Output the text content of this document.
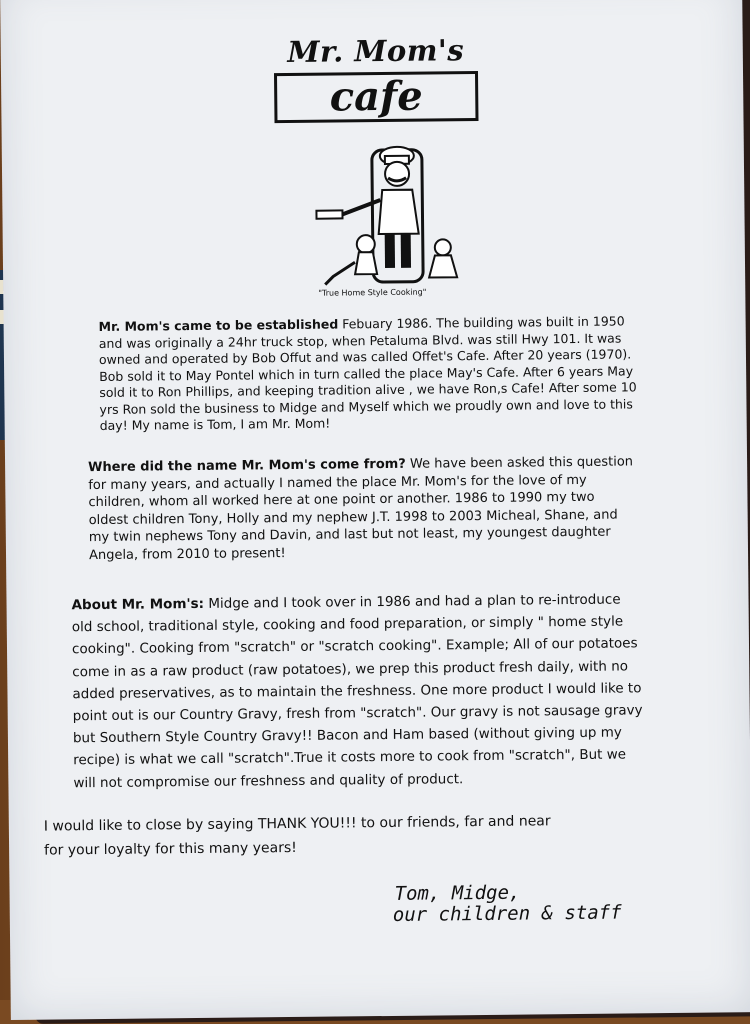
Mr. Mom's
cafe
"True Home Style Cooking"
Mr. Mom's came to be established Febuary 1986. The building was built in 1950 and was originally a 24hr truck stop, when Petaluma Blvd. was still Hwy 101. It was owned and operated by Bob Offut and was called Offet's Cafe. After 20 years (1970). Bob sold it to May Pontel which in turn called the place May's Cafe. After 6 years May sold it to Ron Phillips, and keeping tradition alive , we have Ron,s Cafe! After some 10 yrs Ron sold the business to Midge and Myself which we proudly own and love to this day! My name is Tom, I am Mr. Mom!
Where did the name Mr. Mom's come from? We have been asked this question for many years, and actually I named the place Mr. Mom's for the love of my children, whom all worked here at one point or another. 1986 to 1990 my two oldest children Tony, Holly and my nephew J.T. 1998 to 2003 Micheal, Shane, and my twin nephews Tony and Davin, and last but not least, my youngest daughter Angela, from 2010 to present!
About Mr. Mom's: Midge and I took over in 1986 and had a plan to re-introduce old school, traditional style, cooking and food preparation, or simply " home style cooking". Cooking from "scratch" or "scratch cooking". Example; All of our potatoes come in as a raw product (raw potatoes), we prep this product fresh daily, with no added preservatives, as to maintain the freshness. One more product I would like to point out is our Country Gravy, fresh from "scratch". Our gravy is not sausage gravy but Southern Style Country Gravy!! Bacon and Ham based (without giving up my recipe) is what we call "scratch".True it costs more to cook from "scratch", But we will not compromise our freshness and quality of product.
I would like to close by saying THANK YOU!!! to our friends, far and near for your loyalty for this many years!
Tom, Midge,
our children & staff
